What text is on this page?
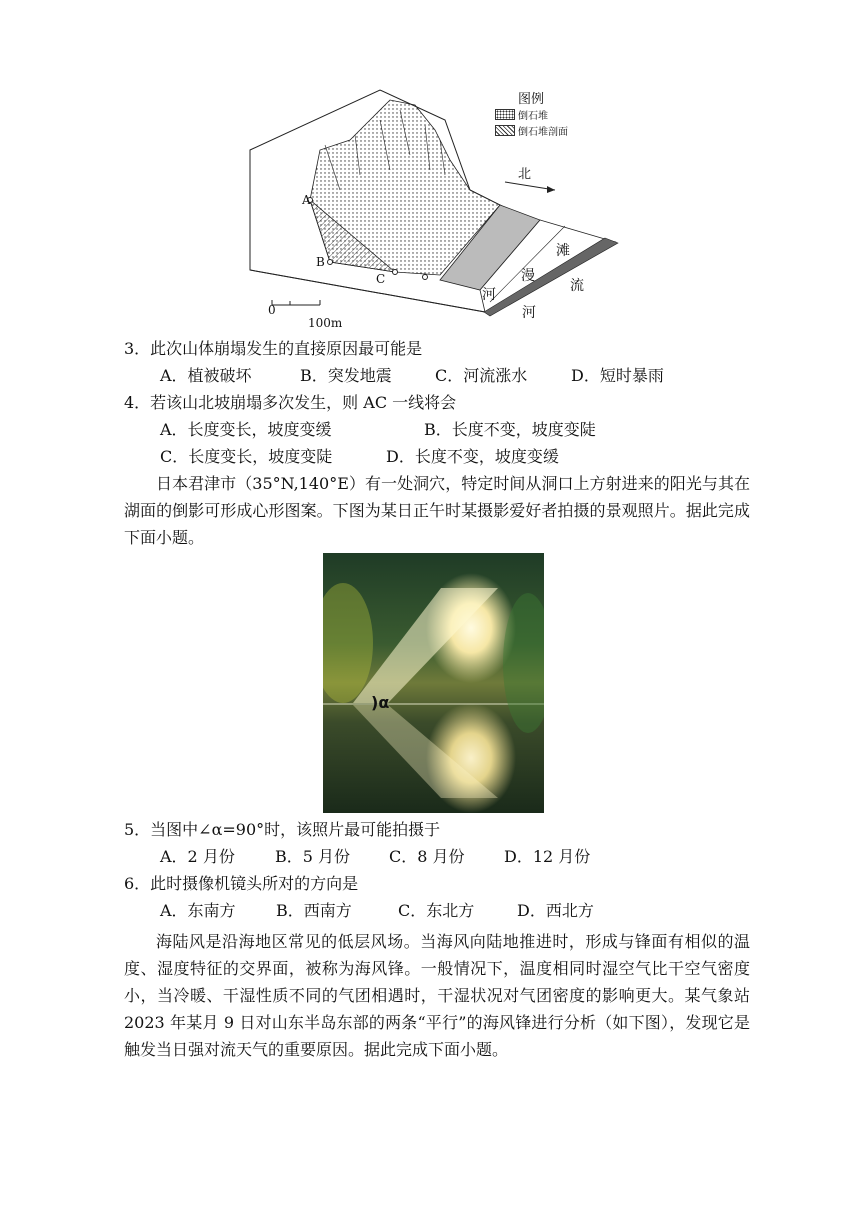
图例
倒石堆
倒石堆剖面
北
A
B
C
0
100m
河
漫
滩
河
流
3．此次山体崩塌发生的直接原因最可能是
A．植被破坏	B．突发地震	C．河流涨水	D．短时暴雨
4．若该山北坡崩塌多次发生，则 AC 一线将会
A．长度变长，坡度变缓	B．长度不变，坡度变陡
C．长度变长，坡度变陡	D．长度不变，坡度变缓
日本君津市（35°N,140°E）有一处洞穴，特定时间从洞口上方射进来的阳光与其在湖面的倒影可形成心形图案。下图为某日正午时某摄影爱好者拍摄的景观照片。据此完成下面小题。
)α
5．当图中∠α=90°时，该照片最可能拍摄于
A．2 月份	B．5 月份 C．8 月份 D．12 月份
6．此时摄像机镜头所对的方向是
A．东南方	B．西南方	C．东北方	D．西北方
海陆风是沿海地区常见的低层风场。当海风向陆地推进时，形成与锋面有相似的温度、湿度特征的交界面，被称为海风锋。一般情况下，温度相同时湿空气比干空气密度小，当冷暖、干湿性质不同的气团相遇时，干湿状况对气团密度的影响更大。某气象站 2023 年某月 9 日对山东半岛东部的两条“平行”的海风锋进行分析（如下图），发现它是触发当日强对流天气的重要原因。据此完成下面小题。
